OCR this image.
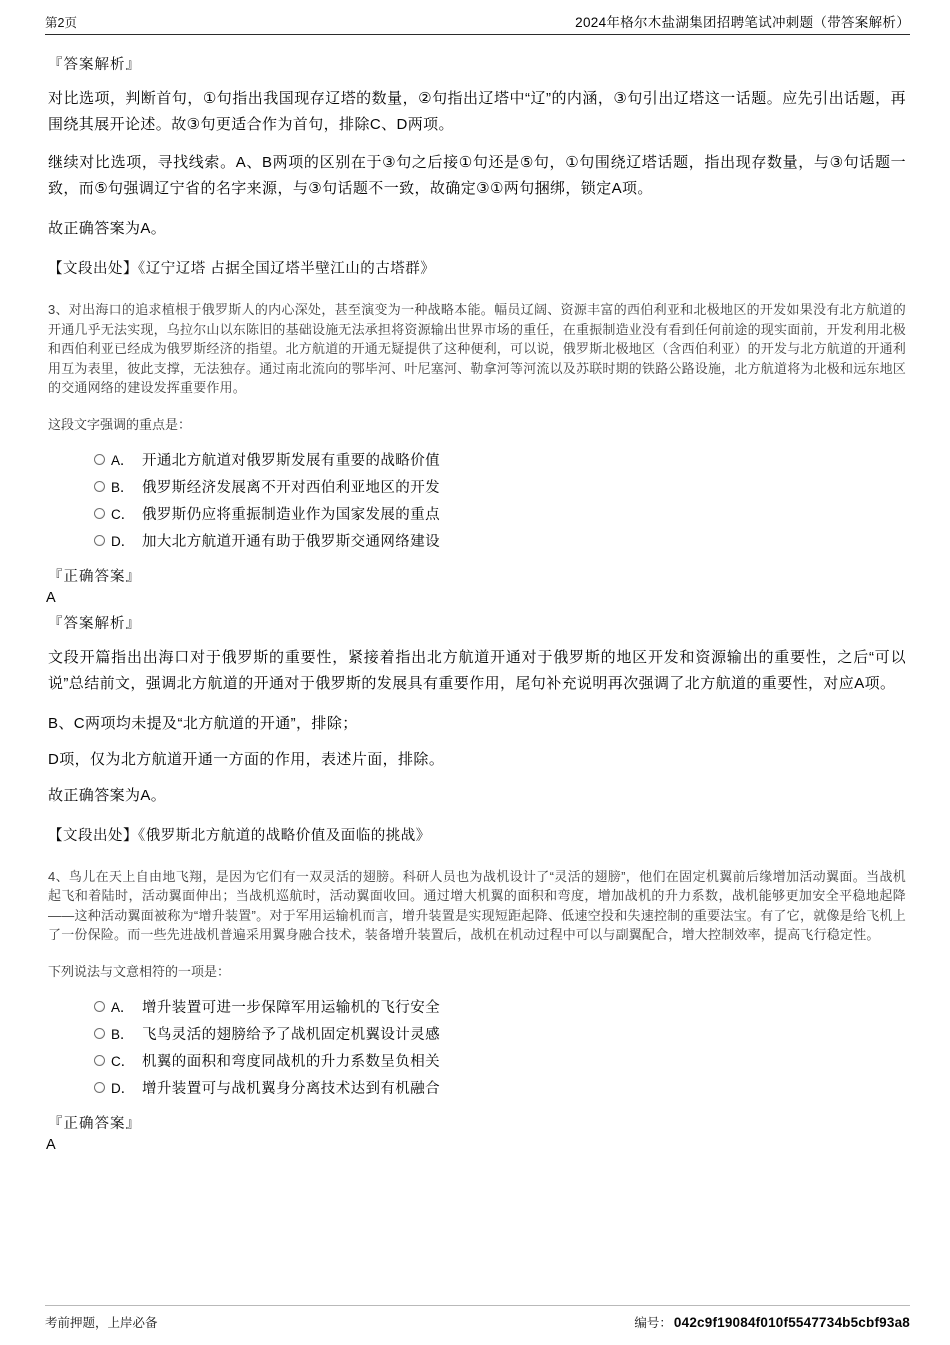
第2页	2024年格尔木盐湖集团招聘笔试冲刺题（带答案解析）
『答案解析』
对比选项，判断首句，①句指出我国现存辽塔的数量，②句指出辽塔中“辽”的内涵，③句引出辽塔这一话题。应先引出话题，再围绕其展开论述。故③句更适合作为首句，排除C、D两项。
继续对比选项，寻找线索。A、B两项的区别在于③句之后接①句还是⑤句，①句围绕辽塔话题，指出现存数量，与③句话题一致，而⑤句强调辽宁省的名字来源，与③句话题不一致，故确定③①两句捆绑，锁定A项。
故正确答案为A。
【文段出处】《辽宁辽塔 占据全国辽塔半壁江山的古塔群》
3、对出海口的追求植根于俄罗斯人的内心深处，甚至演变为一种战略本能。幅员辽阔、资源丰富的西伯利亚和北极地区的开发如果没有北方航道的开通几乎无法实现，乌拉尔山以东陈旧的基础设施无法承担将资源输出世界市场的重任，在重振制造业没有看到任何前途的现实面前，开发利用北极和西伯利亚已经成为俄罗斯经济的指望。北方航道的开通无疑提供了这种便利，可以说，俄罗斯北极地区（含西伯利亚）的开发与北方航道的开通利用互为表里，彼此支撑，无法独存。通过南北流向的鄂毕河、叶尼塞河、勒拿河等河流以及苏联时期的铁路公路设施，北方航道将为北极和远东地区的交通网络的建设发挥重要作用。
这段文字强调的重点是：
A． 开通北方航道对俄罗斯发展有重要的战略价值
B． 俄罗斯经济发展离不开对西伯利亚地区的开发
C． 俄罗斯仍应将重振制造业作为国家发展的重点
D． 加大北方航道开通有助于俄罗斯交通网络建设
『正确答案』
A
『答案解析』
文段开篇指出出海口对于俄罗斯的重要性，紧接着指出北方航道开通对于俄罗斯的地区开发和资源输出的重要性，之后“可以说”总结前文，强调北方航道的开通对于俄罗斯的发展具有重要作用，尾句补充说明再次强调了北方航道的重要性，对应A项。
B、C两项均未提及“北方航道的开通”，排除；
D项，仅为北方航道开通一方面的作用，表述片面，排除。
故正确答案为A。
【文段出处】《俄罗斯北方航道的战略价值及面临的挑战》
4、鸟儿在天上自由地飞翔，是因为它们有一双灵活的翅膀。科研人员也为战机设计了“灵活的翅膀”，他们在固定机翼前后缘增加活动翼面。当战机起飞和着陆时，活动翼面伸出；当战机巡航时，活动翼面收回。通过增大机翼的面积和弯度，增加战机的升力系数，战机能够更加安全平稳地起降——这种活动翼面被称为“增升装置”。对于军用运输机而言，增升装置是实现短距起降、低速空投和失速控制的重要法宝。有了它，就像是给飞机上了一份保险。而一些先进战机普遍采用翼身融合技术，装备增升装置后，战机在机动过程中可以与副翼配合，增大控制效率，提高飞行稳定性。
下列说法与文意相符的一项是：
A． 增升装置可进一步保障军用运输机的飞行安全
B． 飞鸟灵活的翅膀给予了战机固定机翼设计灵感
C． 机翼的面积和弯度同战机的升力系数呈负相关
D． 增升装置可与战机翼身分离技术达到有机融合
『正确答案』
A
考前押题，上岸必备	编号： 042c9f19084f010f5547734b5cbf93a8
